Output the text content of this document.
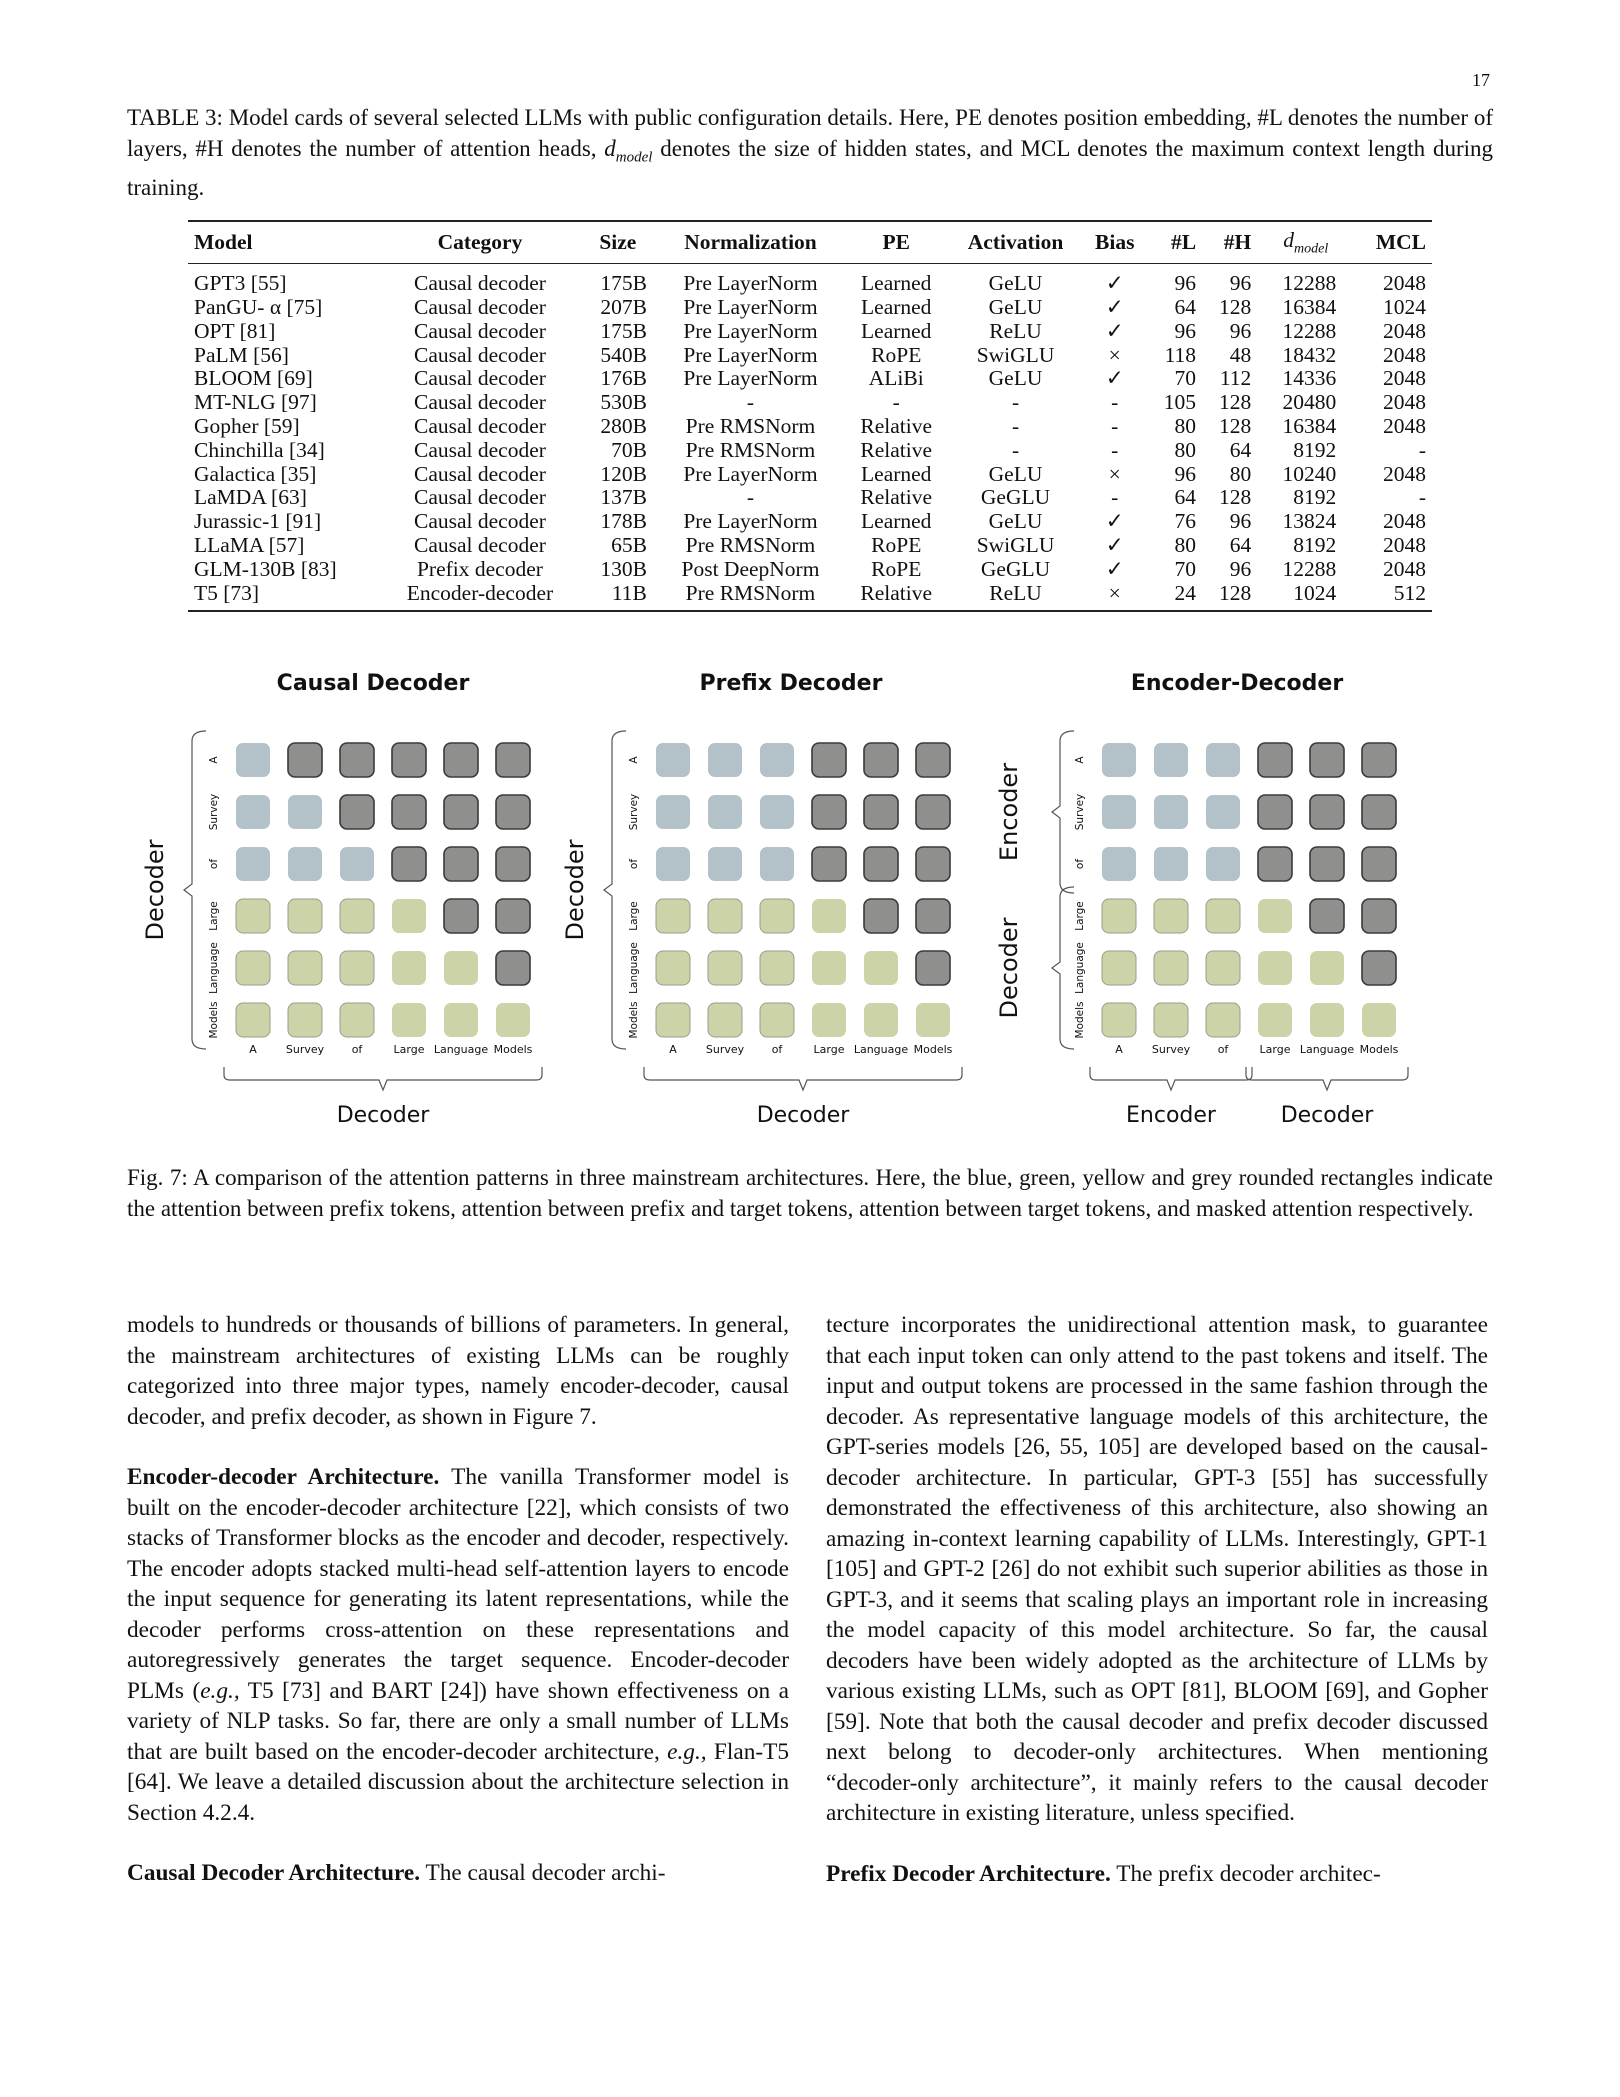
17
TABLE 3: Model cards of several selected LLMs with public configuration details. Here, PE denotes position embedding, #L denotes the number of layers, #H denotes the number of attention heads, $d_{model}$ denotes the size of hidden states, and MCL denotes the maximum context length during training.
Model	Category	Size	Normalization	PE	Activation	Bias	#L	#H	$d_{model}$	MCL
GPT3 [55]	Causal decoder	175B	Pre LayerNorm	Learned	GeLU	✓	96	96	12288	2048
PanGU- α [75]	Causal decoder	207B	Pre LayerNorm	Learned	GeLU	✓	64	128	16384	1024
OPT [81]	Causal decoder	175B	Pre LayerNorm	Learned	ReLU	✓	96	96	12288	2048
PaLM [56]	Causal decoder	540B	Pre LayerNorm	RoPE	SwiGLU	×	118	48	18432	2048
BLOOM [69]	Causal decoder	176B	Pre LayerNorm	ALiBi	GeLU	✓	70	112	14336	2048
MT-NLG [97]	Causal decoder	530B	-	-	-	-	105	128	20480	2048
Gopher [59]	Causal decoder	280B	Pre RMSNorm	Relative	-	-	80	128	16384	2048
Chinchilla [34]	Causal decoder	70B	Pre RMSNorm	Relative	-	-	80	64	8192	-
Galactica [35]	Causal decoder	120B	Pre LayerNorm	Learned	GeLU	×	96	80	10240	2048
LaMDA [63]	Causal decoder	137B	-	Relative	GeGLU	-	64	128	8192	-
Jurassic-1 [91]	Causal decoder	178B	Pre LayerNorm	Learned	GeLU	✓	76	96	13824	2048
LLaMA [57]	Causal decoder	65B	Pre RMSNorm	RoPE	SwiGLU	✓	80	64	8192	2048
GLM-130B [83]	Prefix decoder	130B	Post DeepNorm	RoPE	GeGLU	✓	70	96	12288	2048
T5 [73]	Encoder-decoder	11B	Pre RMSNorm	Relative	ReLU	×	24	128	1024	512
Causal Decoder
A
A
Survey
Survey
of
of
Large
Large
Language
Language
Models
Models
Decoder
Decoder
Prefix Decoder
A
A
Survey
Survey
of
of
Large
Large
Language
Language
Models
Models
Decoder
Decoder
Encoder-Decoder
A
A
Survey
Survey
of
of
Large
Large
Language
Language
Models
Models
Encoder
Decoder
Encoder	Decoder
Fig. 7: A comparison of the attention patterns in three mainstream architectures. Here, the blue, green, yellow and grey rounded rectangles indicate the attention between prefix tokens, attention between prefix and target tokens, attention between target tokens, and masked attention respectively.

models to hundreds or thousands of billions of parameters. In general, the mainstream architectures of existing LLMs can be roughly categorized into three major types, namely encoder-decoder, causal decoder, and prefix decoder, as shown in Figure 7.

Encoder-decoder Architecture. The vanilla Transformer model is built on the encoder-decoder architecture [22], which consists of two stacks of Transformer blocks as the encoder and decoder, respectively. The encoder adopts stacked multi-head self-attention layers to encode the input sequence for generating its latent representations, while the decoder performs cross-attention on these representations and autoregressively generates the target sequence. Encoder-decoder PLMs (e.g., T5 [73] and BART [24]) have shown effectiveness on a variety of NLP tasks. So far, there are only a small number of LLMs that are built based on the encoder-decoder architecture, e.g., Flan-T5 [64]. We leave a detailed discussion about the architecture selection in Section 4.2.4.

Causal Decoder Architecture. The causal decoder archi-

tecture incorporates the unidirectional attention mask, to guarantee that each input token can only attend to the past tokens and itself. The input and output tokens are processed in the same fashion through the decoder. As representative language models of this architecture, the GPT-series models [26, 55, 105] are developed based on the causal-decoder architecture. In particular, GPT-3 [55] has successfully demonstrated the effectiveness of this architecture, also showing an amazing in-context learning capability of LLMs. Interestingly, GPT-1 [105] and GPT-2 [26] do not exhibit such superior abilities as those in GPT-3, and it seems that scaling plays an important role in increasing the model capacity of this model architecture. So far, the causal decoders have been widely adopted as the architecture of LLMs by various existing LLMs, such as OPT [81], BLOOM [69], and Gopher [59]. Note that both the causal decoder and prefix decoder discussed next belong to decoder-only architectures. When mentioning “decoder-only architecture”, it mainly refers to the causal decoder architecture in existing literature, unless specified.

Prefix Decoder Architecture. The prefix decoder architec-
